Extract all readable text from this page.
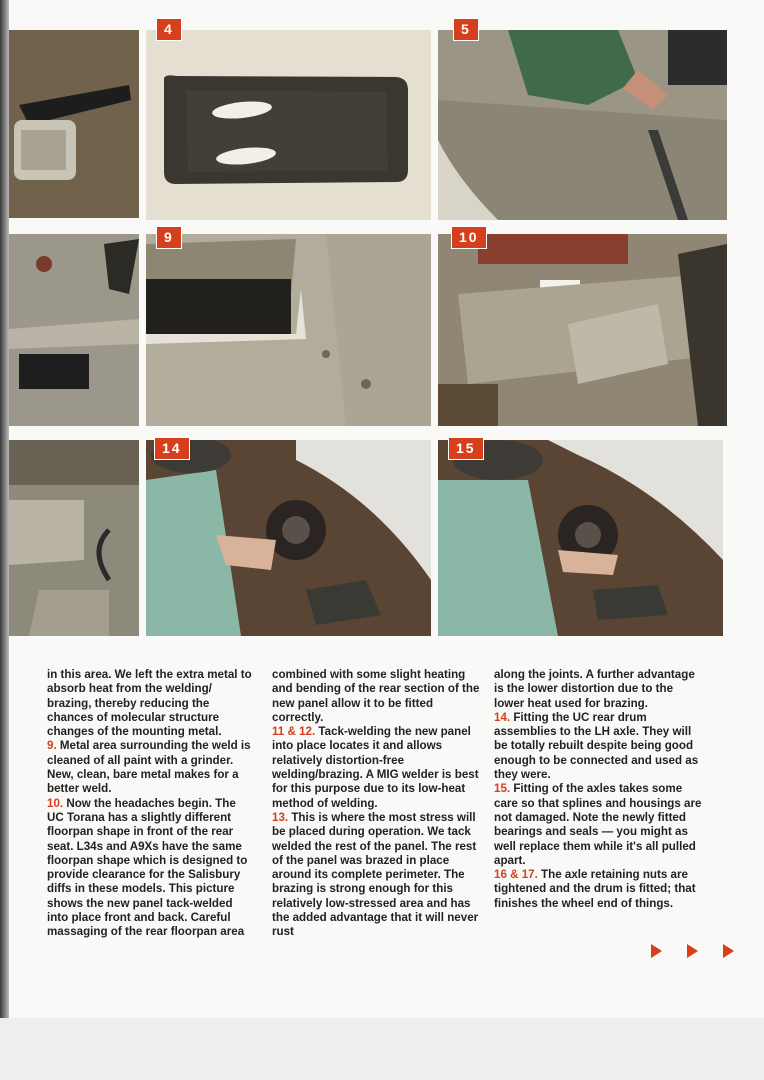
4	5
9	10
14	15

in this area. We left the extra metal to absorb heat from the welding/ brazing, thereby reducing the chances of molecular structure changes of the mounting metal.

9. Metal area surrounding the weld is cleaned of all paint with a grinder. New, clean, bare metal makes for a better weld.

10. Now the headaches begin. The UC Torana has a slightly different floorpan shape in front of the rear seat. L34s and A9Xs have the same floorpan shape which is designed to provide clearance for the Salisbury diffs in these models. This picture shows the new panel tack-welded into place front and back. Careful massaging of the rear floorpan area

combined with some slight heating and bending of the rear section of the new panel allow it to be fitted correctly.

11 & 12. Tack-welding the new panel into place locates it and allows relatively distortion-free welding/brazing. A MIG welder is best for this purpose due to its low-heat method of welding.

13. This is where the most stress will be placed during operation. We tack welded the rest of the panel. The rest of the panel was brazed in place around its complete perimeter. The brazing is strong enough for this relatively low-stressed area and has the added advantage that it will never rust

along the joints. A further advantage is the lower distortion due to the lower heat used for brazing.

14. Fitting the UC rear drum assemblies to the LH axle. They will be totally rebuilt despite being good enough to be connected and used as they were.

15. Fitting of the axles takes some care so that splines and housings are not damaged. Note the newly fitted bearings and seals — you might as well replace them while it's all pulled apart.

16 & 17. The axle retaining nuts are tightened and the drum is fitted; that finishes the wheel end of things.
